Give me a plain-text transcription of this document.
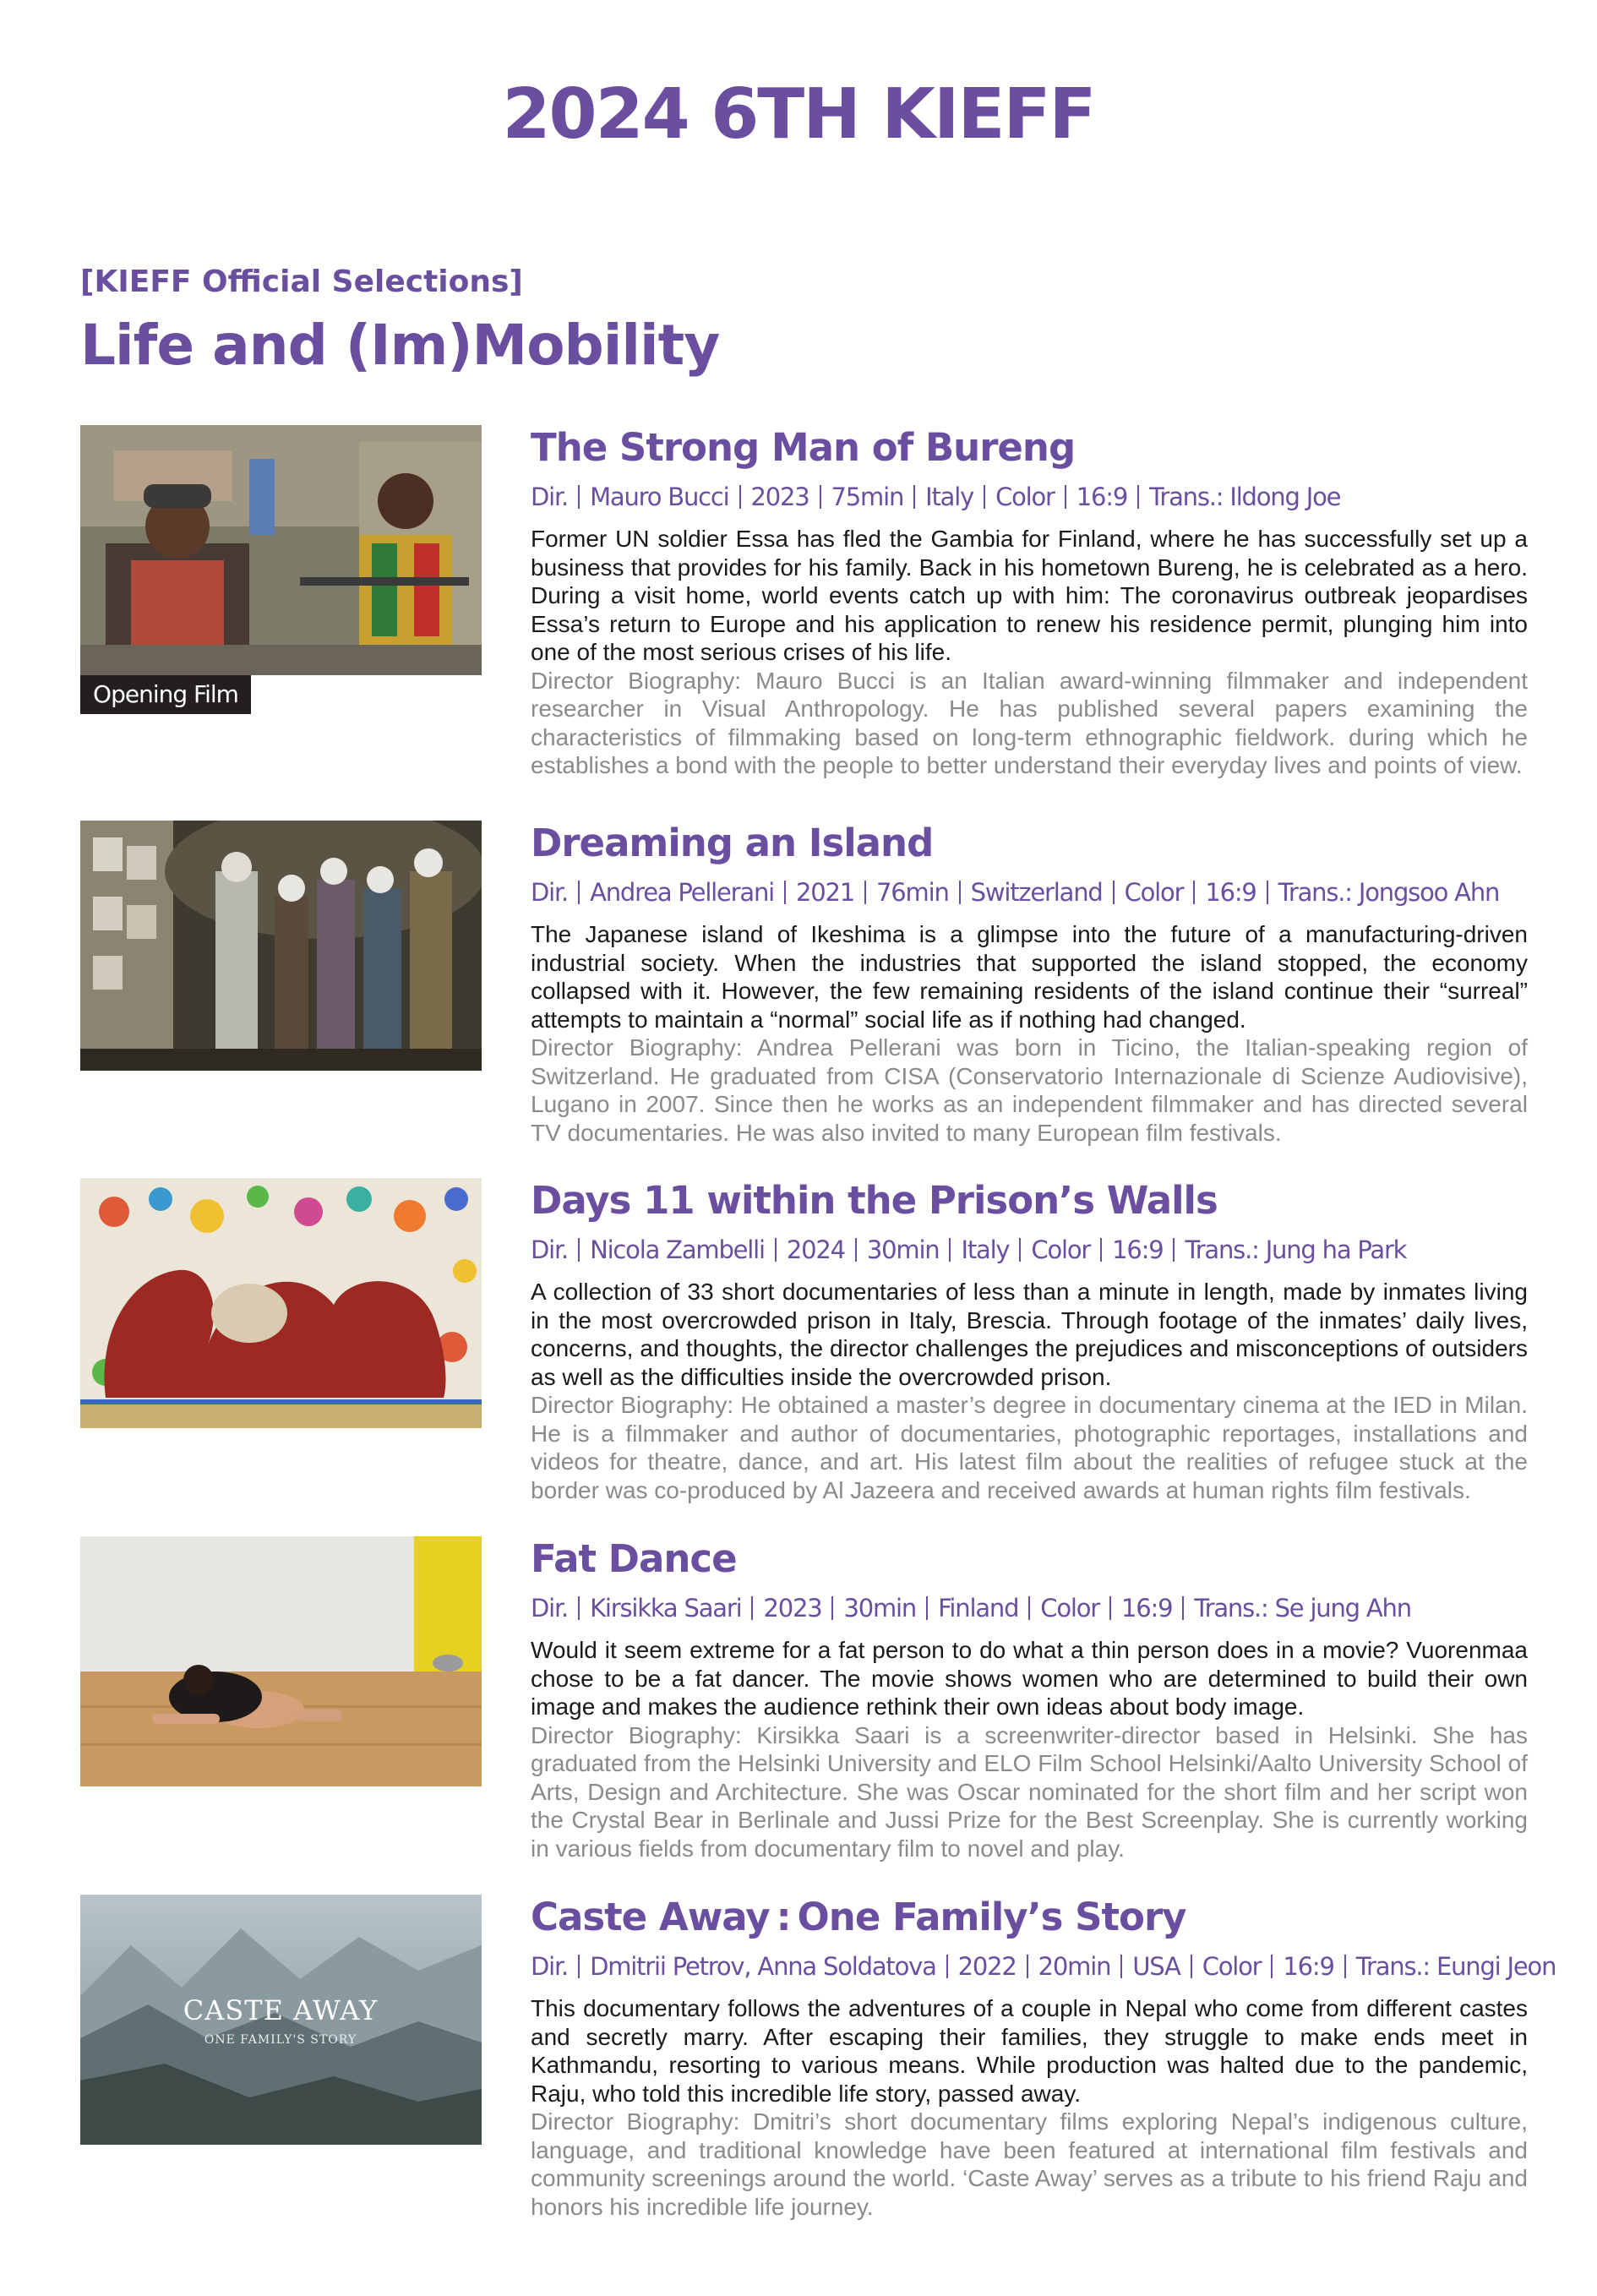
2024 6TH KIEFF
[KIEFF Official Selections]
Life and (Im)Mobility
Opening Film
The Strong Man of Bureng
Dir. Mauro Bucci 2023 75min Italy Color 16:9 Trans.: Ildong Joe

Former UN soldier Essa has fled the Gambia for Finland, where he has successfully set up a business that provides for his family. Back in his hometown Bureng, he is celebrated as a hero. During a visit home, world events catch up with him: The coronavirus outbreak jeopardises Essa’s return to Europe and his application to renew his residence permit, plunging him into one of the most serious crises of his life.

Director Biography: Mauro Bucci is an Italian award-winning filmmaker and independent researcher in Visual Anthropology. He has published several papers examining the characteristics of filmmaking based on long-term ethnographic fieldwork. during which he establishes a bond with the people to better understand their everyday lives and points of view.

Dreaming an Island
Dir. Andrea Pellerani 2021 76min Switzerland Color 16:9 Trans.: Jongsoo Ahn

The Japanese island of Ikeshima is a glimpse into the future of a manufacturing-driven industrial society. When the industries that supported the island stopped, the economy collapsed with it. However, the few remaining residents of the island continue their “surreal” attempts to maintain a “normal” social life as if nothing had changed.

Director Biography: Andrea Pellerani was born in Ticino, the Italian-speaking region of Switzerland. He graduated from CISA (Conservatorio Internazionale di Scienze Audiovisive), Lugano in 2007. Since then he works as an independent filmmaker and has directed several TV documentaries. He was also invited to many European film festivals.

Days 11 within the Prison’s Walls
Dir. Nicola Zambelli 2024 30min Italy Color 16:9 Trans.: Jung ha Park

A collection of 33 short documentaries of less than a minute in length, made by inmates living in the most overcrowded prison in Italy, Brescia. Through footage of the inmates’ daily lives, concerns, and thoughts, the director challenges the prejudices and misconceptions of outsiders as well as the difficulties inside the overcrowded prison.

Director Biography: He obtained a master’s degree in documentary cinema at the IED in Milan. He is a filmmaker and author of documentaries, photographic reportages, installations and videos for theatre, dance, and art. His latest film about the realities of refugee stuck at the border was co-produced by Al Jazeera and received awards at human rights film festivals.

Fat Dance
Dir. Kirsikka Saari 2023 30min Finland Color 16:9 Trans.: Se jung Ahn

Would it seem extreme for a fat person to do what a thin person does in a movie? Vuorenmaa chose to be a fat dancer. The movie shows women who are determined to build their own image and makes the audience rethink their own ideas about body image.

Director Biography: Kirsikka Saari is a screenwriter-director based in Helsinki. She has graduated from the Helsinki University and ELO Film School Helsinki/Aalto University School of Arts, Design and Architecture. She was Oscar nominated for the short film and her script won the Crystal Bear in Berlinale and Jussi Prize for the Best Screenplay. She is currently working in various fields from documentary film to novel and play.

CASTE AWAY
ONE FAMILY'S STORY
Caste Away : One Family’s Story
Dir. Dmitrii Petrov, Anna Soldatova 2022 20min USA Color 16:9 Trans.: Eungi Jeon

This documentary follows the adventures of a couple in Nepal who come from different castes and secretly marry. After escaping their families, they struggle to make ends meet in Kathmandu, resorting to various means. While production was halted due to the pandemic, Raju, who told this incredible life story, passed away.

Director Biography: Dmitri’s short documentary films exploring Nepal’s indigenous culture, language, and traditional knowledge have been featured at international film festivals and community screenings around the world. ‘Caste Away’ serves as a tribute to his friend Raju and honors his incredible life journey.
